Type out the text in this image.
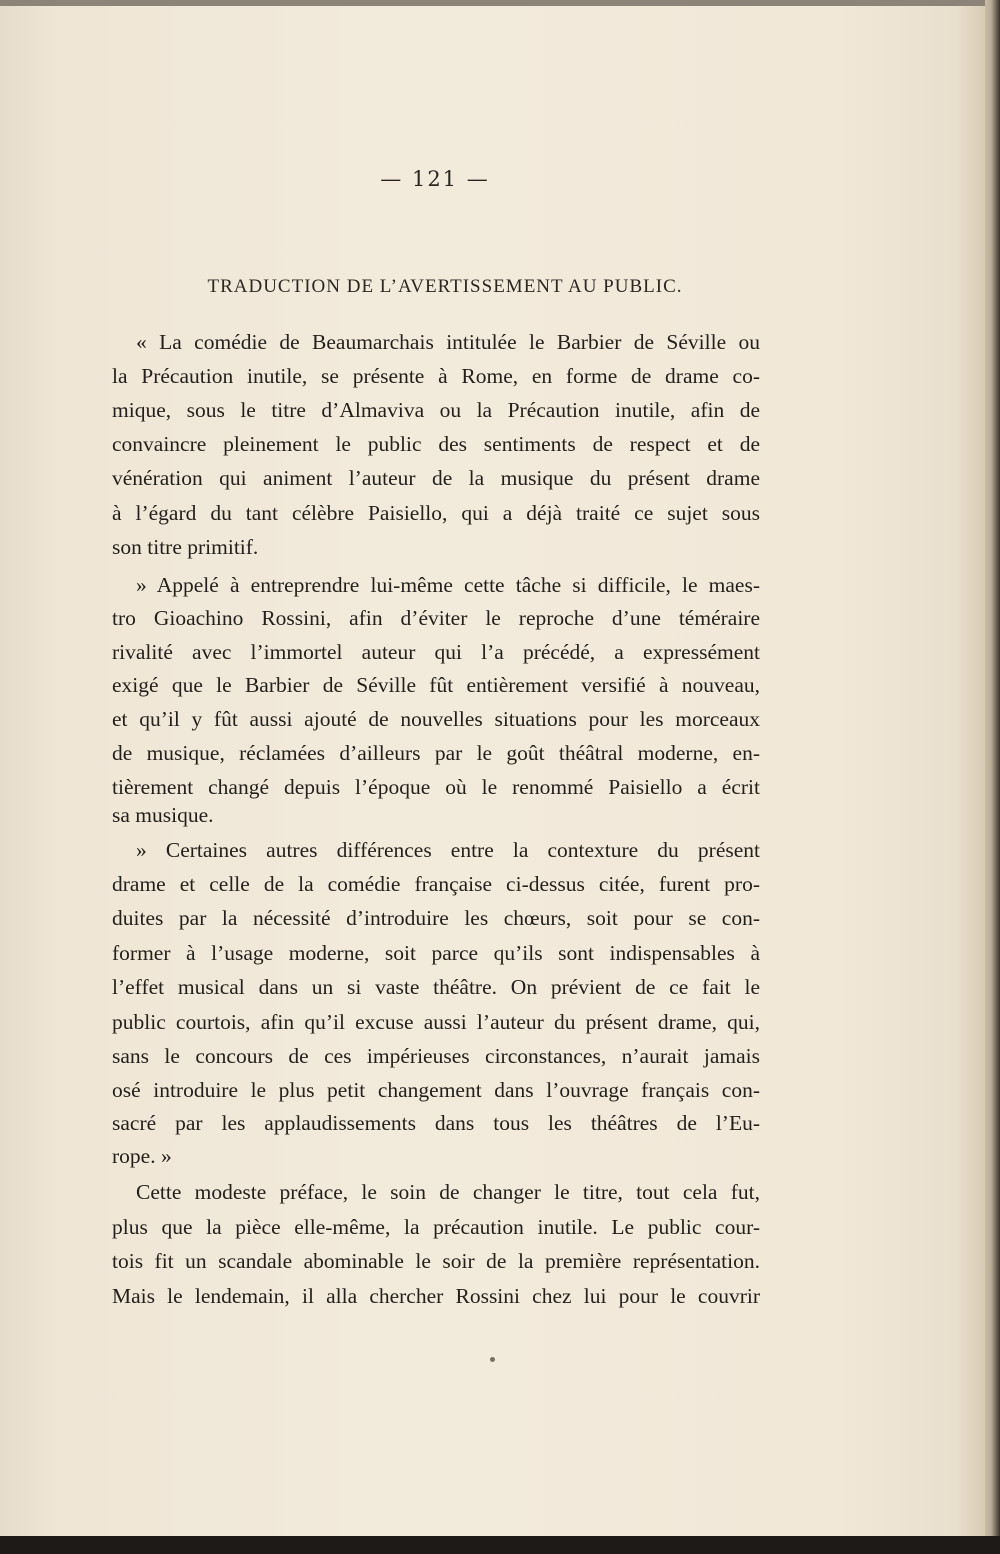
— 121 —
TRADUCTION DE L’AVERTISSEMENT AU PUBLIC.
« La comédie de Beaumarchais intitulée le Barbier de Séville ou
la Précaution inutile, se présente à Rome, en forme de drame co-
mique, sous le titre d’Almaviva ou la Précaution inutile, afin de
convaincre pleinement le public des sentiments de respect et de
vénération qui animent l’auteur de la musique du présent drame
à l’égard du tant célèbre Paisiello, qui a déjà traité ce sujet sous
son titre primitif.
» Appelé à entreprendre lui-même cette tâche si difficile, le maes-
tro Gioachino Rossini, afin d’éviter le reproche d’une téméraire
rivalité avec l’immortel auteur qui l’a précédé, a expressément
exigé que le Barbier de Séville fût entièrement versifié à nouveau,
et qu’il y fût aussi ajouté de nouvelles situations pour les morceaux
de musique, réclamées d’ailleurs par le goût théâtral moderne, en-
tièrement changé depuis l’époque où le renommé Paisiello a écrit
sa musique.
» Certaines autres différences entre la contexture du présent
drame et celle de la comédie française ci-dessus citée, furent pro-
duites par la nécessité d’introduire les chœurs, soit pour se con-
former à l’usage moderne, soit parce qu’ils sont indispensables à
l’effet musical dans un si vaste théâtre. On prévient de ce fait le
public courtois, afin qu’il excuse aussi l’auteur du présent drame, qui,
sans le concours de ces impérieuses circonstances, n’aurait jamais
osé introduire le plus petit changement dans l’ouvrage français con-
sacré par les applaudissements dans tous les théâtres de l’Eu-
rope. »
Cette modeste préface, le soin de changer le titre, tout cela fut,
plus que la pièce elle-même, la précaution inutile. Le public cour-
tois fit un scandale abominable le soir de la première représentation.
Mais le lendemain, il alla chercher Rossini chez lui pour le couvrir
